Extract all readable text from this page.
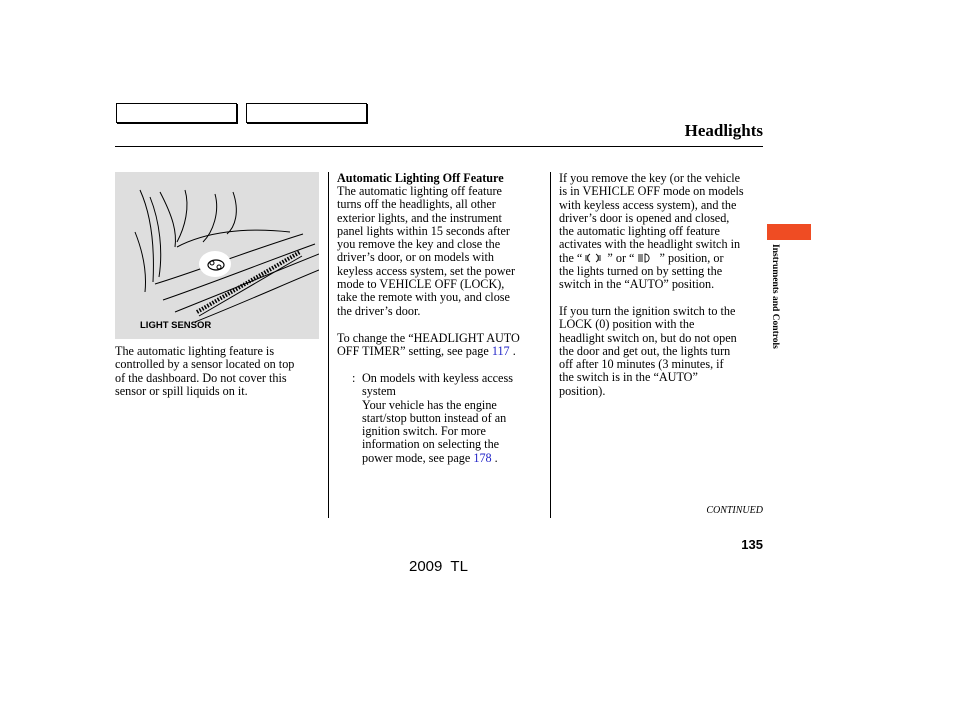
Headlights
Instruments and Controls
LIGHT SENSOR
The automatic lighting feature is
controlled by a sensor located on top
of the dashboard. Do not cover this
sensor or spill liquids on it.
Automatic Lighting Off Feature
The automatic lighting off feature
turns off the headlights, all other
exterior lights, and the instrument
panel lights within 15 seconds after
you remove the key and close the
driver’s door, or on models with
keyless access system, set the power
mode to VEHICLE OFF (LOCK),
take the remote with you, and close
the driver’s door.
To change the “HEADLIGHT AUTO
OFF TIMER” setting, see page 117 .
: On models with keyless access
system
Your vehicle has the engine
start/stop button instead of an
ignition switch. For more
information on selecting the
power mode, see page 178 .
If you remove the key (or the vehicle
is in VEHICLE OFF mode on models
with keyless access system), and the
driver’s door is opened and closed,
the automatic lighting off feature
activates with the headlight switch in
the “ ” or “ ” position, or
the lights turned on by setting the
switch in the “AUTO” position.
If you turn the ignition switch to the
LOCK (0) position with the
headlight switch on, but do not open
the door and get out, the lights turn
off after 10 minutes (3 minutes, if
the switch is in the “AUTO”
position).
CONTINUED
135
2009  TL
